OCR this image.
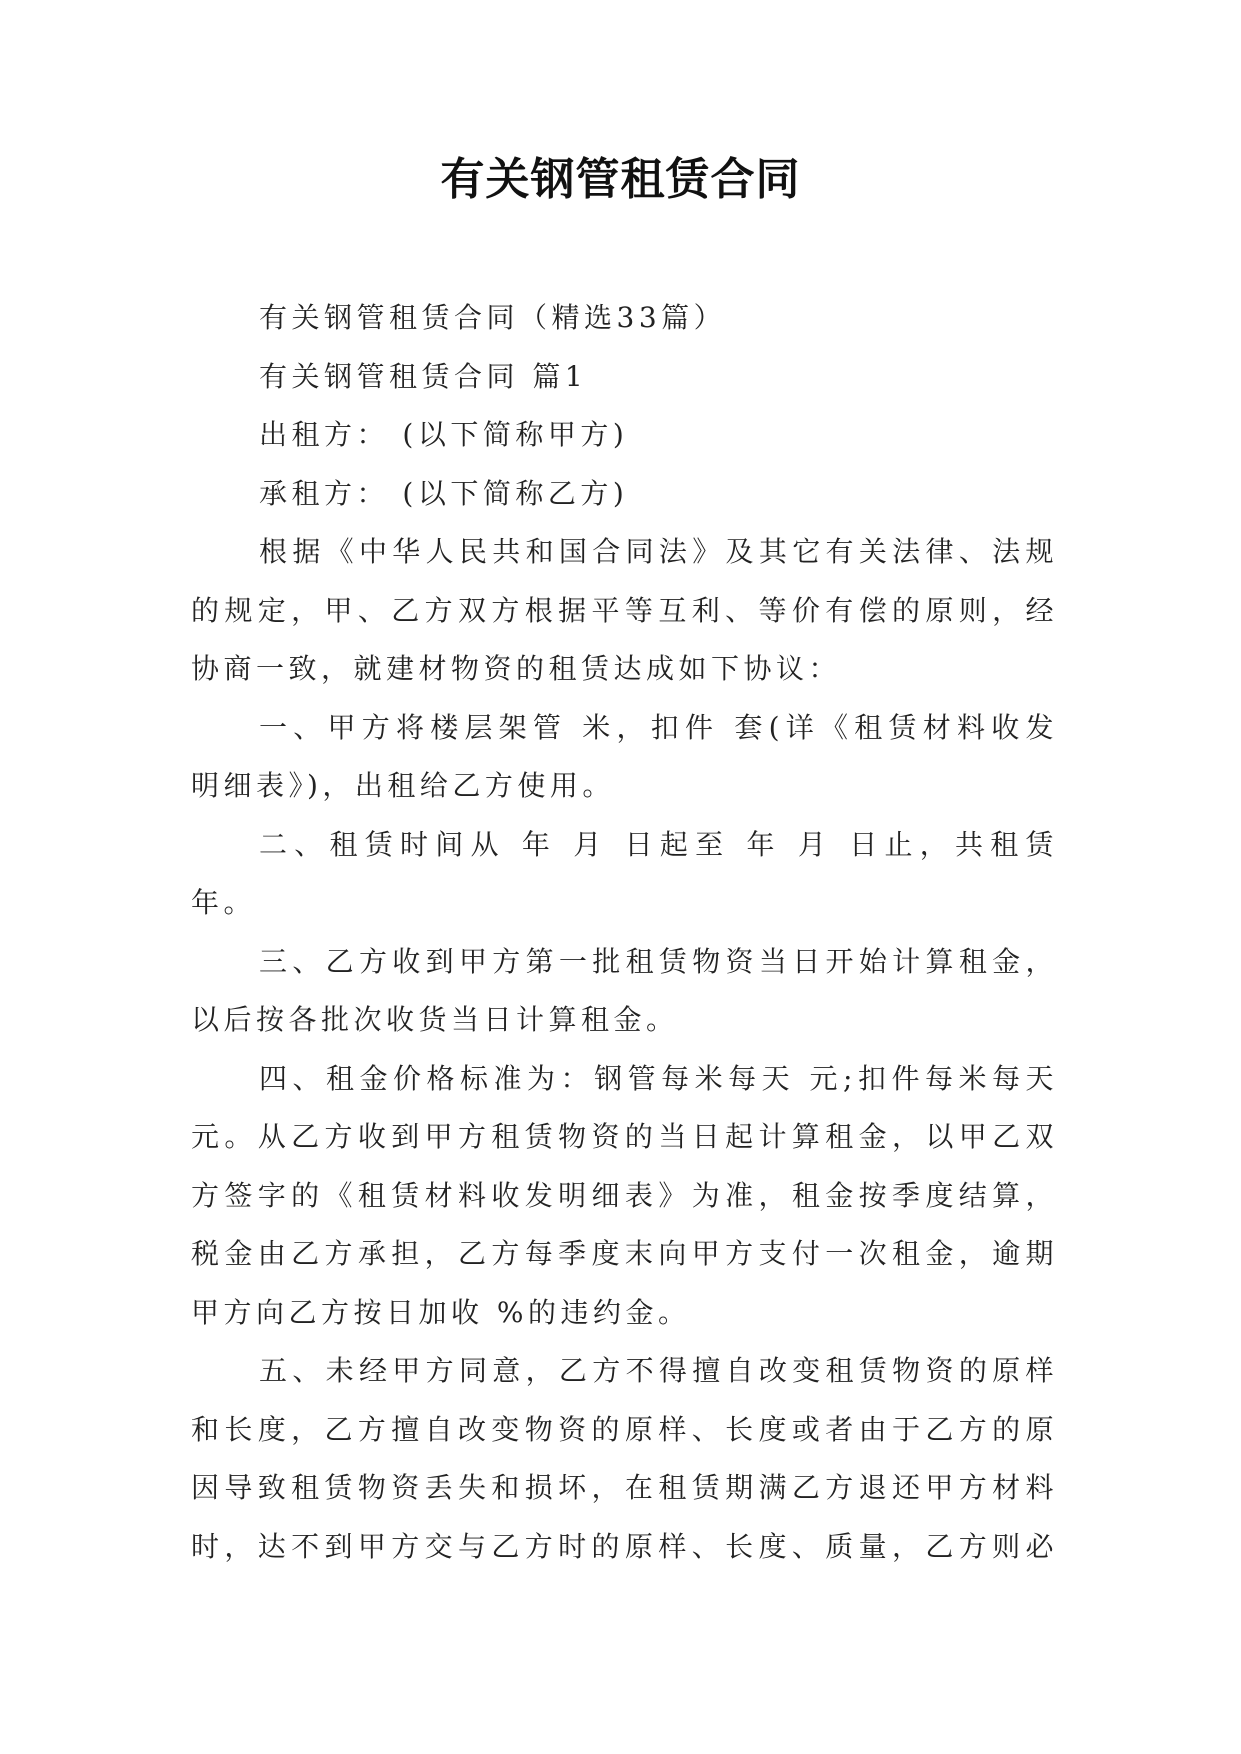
有关钢管租赁合同
有关钢管租赁合同（精选33篇）
有关钢管租赁合同 篇1
出租方： (以下简称甲方)
承租方： (以下简称乙方)
根据《中华人民共和国合同法》及其它有关法律、法规
的规定，甲、乙方双方根据平等互利、等价有偿的原则，经
协商一致，就建材物资的租赁达成如下协议：
一、甲方将楼层架管 米，扣件 套(详《租赁材料收发
明细表》)，出租给乙方使用。
二、租赁时间从 年 月 日起至 年 月 日止，共租赁
年。
三、乙方收到甲方第一批租赁物资当日开始计算租金，
以后按各批次收货当日计算租金。
四、租金价格标准为：钢管每米每天 元;扣件每米每天
元。从乙方收到甲方租赁物资的当日起计算租金，以甲乙双
方签字的《租赁材料收发明细表》为准，租金按季度结算，
税金由乙方承担，乙方每季度末向甲方支付一次租金，逾期
甲方向乙方按日加收 %的违约金。
五、未经甲方同意，乙方不得擅自改变租赁物资的原样
和长度，乙方擅自改变物资的原样、长度或者由于乙方的原
因导致租赁物资丢失和损坏，在租赁期满乙方退还甲方材料
时，达不到甲方交与乙方时的原样、长度、质量，乙方则必
